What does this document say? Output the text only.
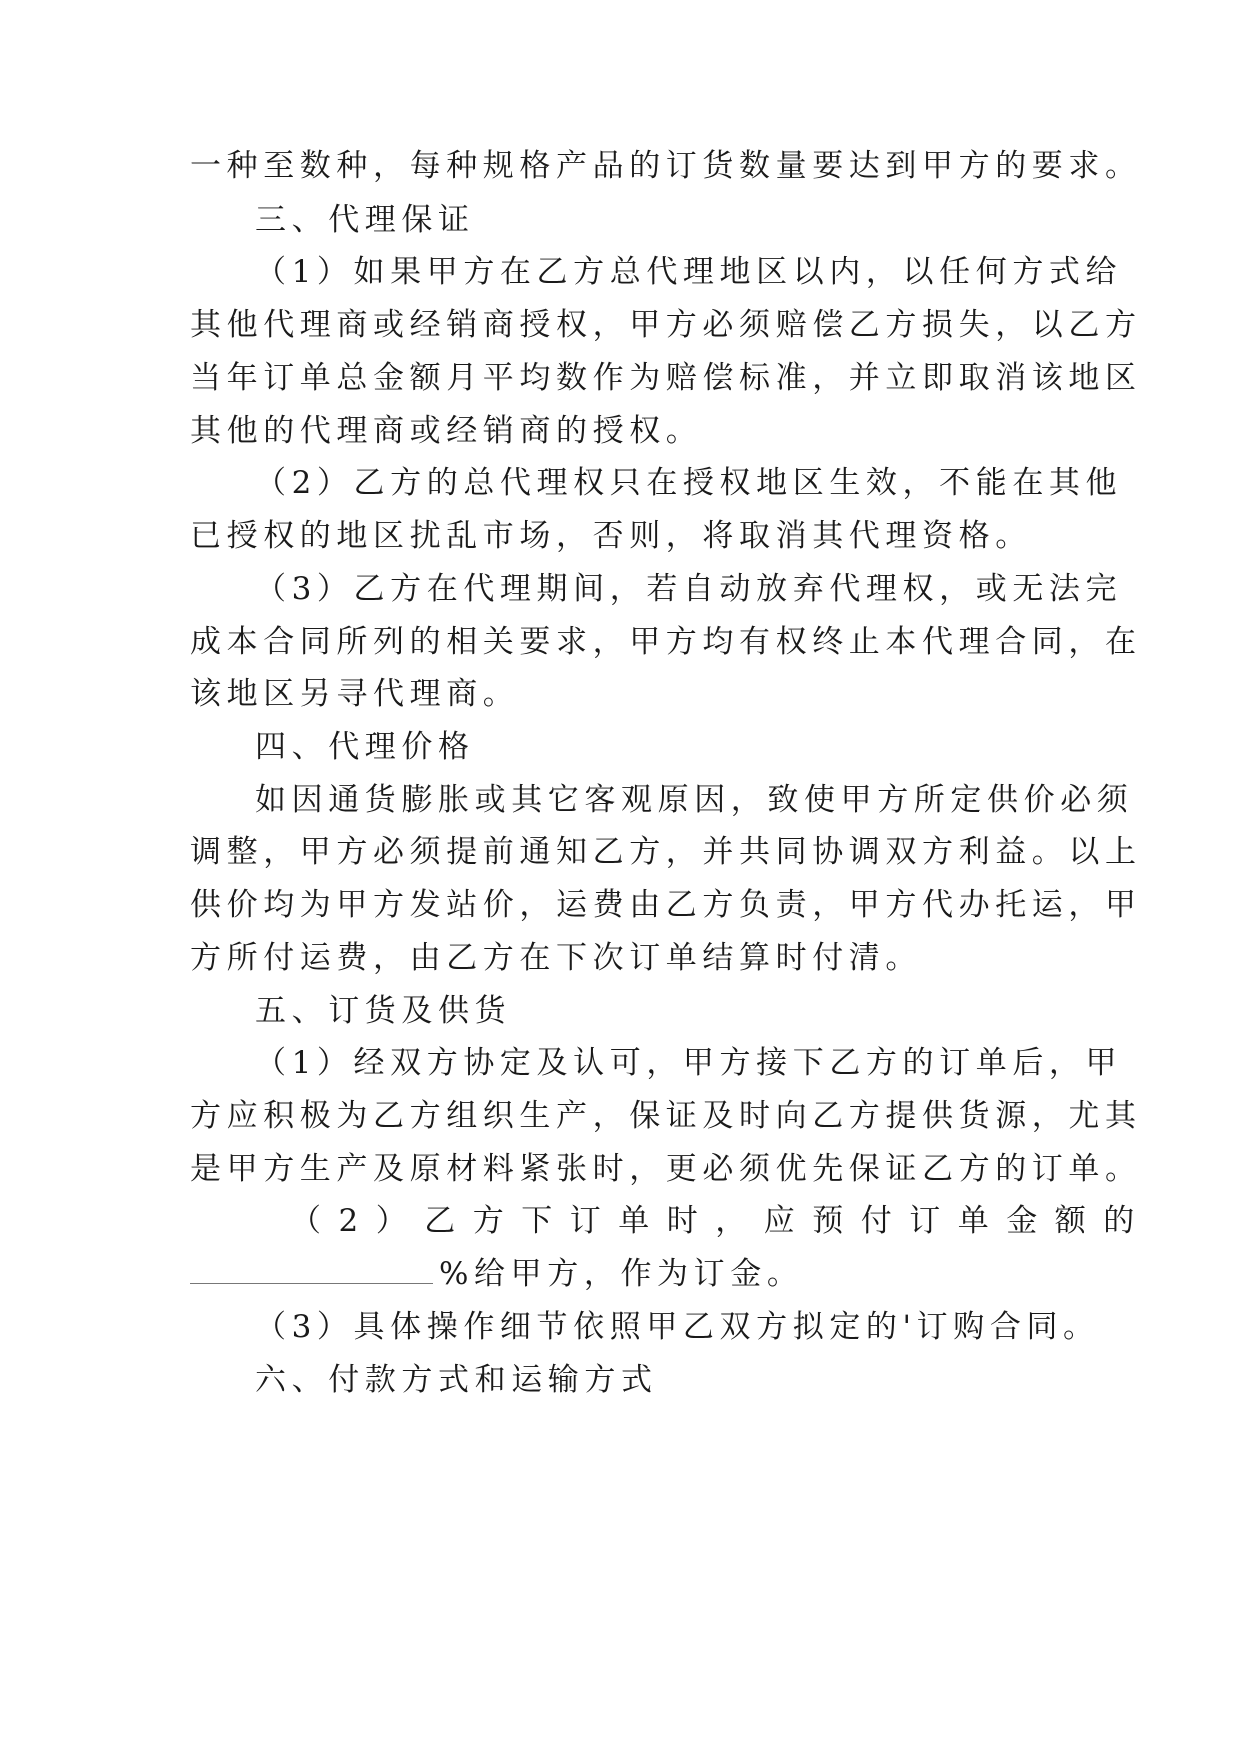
一种至数种，每种规格产品的订货数量要达到甲方的要求。
三、代理保证
（1）如果甲方在乙方总代理地区以内，以任何方式给
其他代理商或经销商授权，甲方必须赔偿乙方损失，以乙方
当年订单总金额月平均数作为赔偿标准，并立即取消该地区
其他的代理商或经销商的授权。
（2）乙方的总代理权只在授权地区生效，不能在其他
已授权的地区扰乱市场，否则，将取消其代理资格。
（3）乙方在代理期间，若自动放弃代理权，或无法完
成本合同所列的相关要求，甲方均有权终止本代理合同，在
该地区另寻代理商。
四、代理价格
如因通货膨胀或其它客观原因，致使甲方所定供价必须
调整，甲方必须提前通知乙方，并共同协调双方利益。以上
供价均为甲方发站价，运费由乙方负责，甲方代办托运，甲
方所付运费，由乙方在下次订单结算时付清。
五、订货及供货
（1）经双方协定及认可，甲方接下乙方的订单后，甲
方应积极为乙方组织生产，保证及时向乙方提供货源，尤其
是甲方生产及原材料紧张时，更必须优先保证乙方的订单。
（2）乙方下订单时，应预付订单金额的
%给甲方，作为订金。
（3）具体操作细节依照甲乙双方拟定的'订购合同。
六、付款方式和运输方式
